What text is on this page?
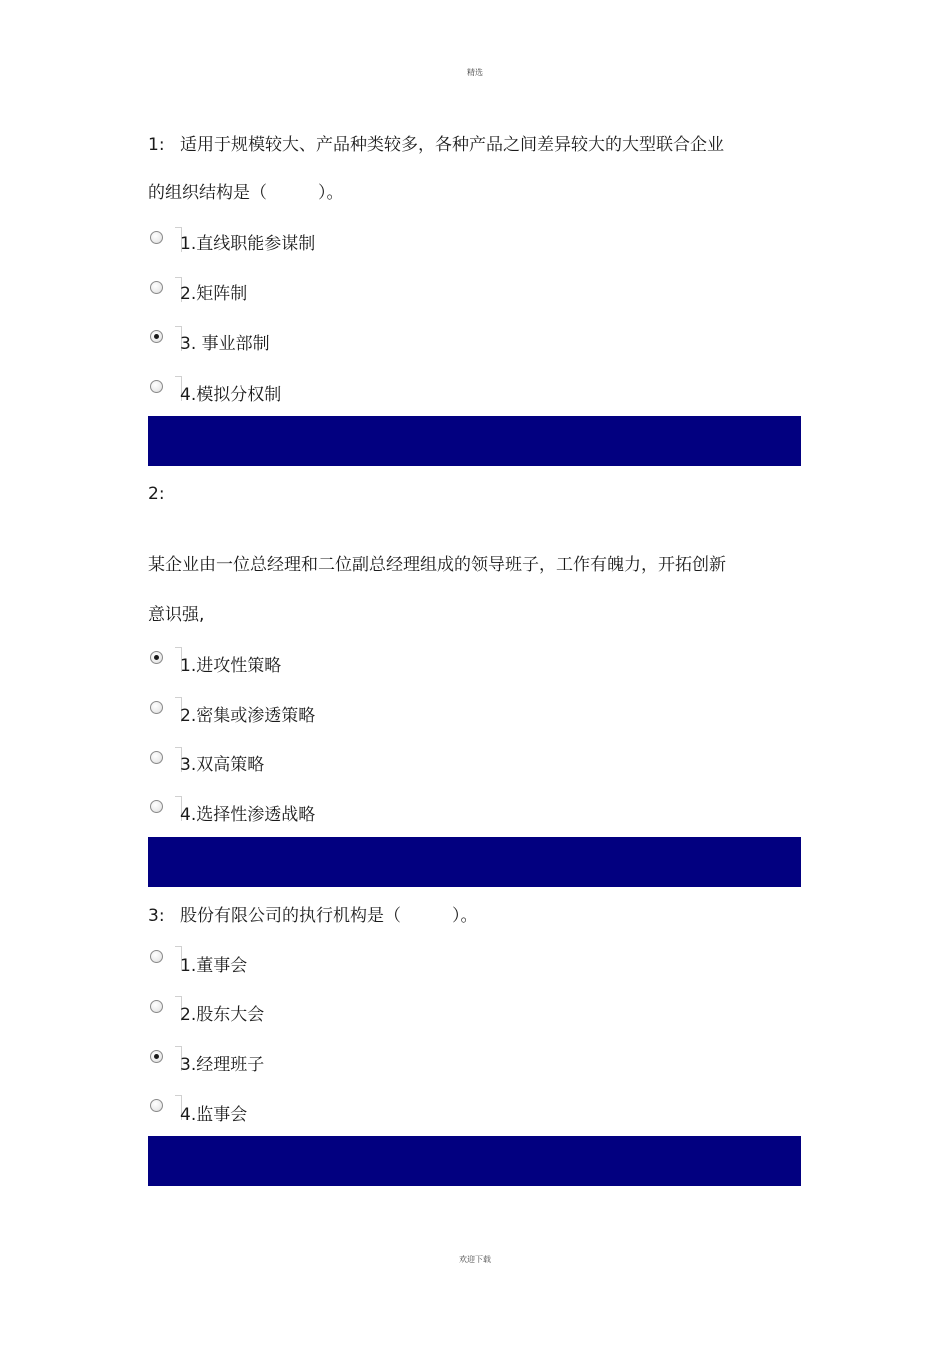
精选
1: 适用于规模较大、产品种类较多，各种产品之间差异较大的大型联合企业
的组织结构是（　　　）。
1.直线职能参谋制
2.矩阵制
3. 事业部制
4.模拟分权制
2:
某企业由一位总经理和二位副总经理组成的领导班子，工作有魄力，开拓创新
意识强,
1.进攻性策略
2.密集或渗透策略
3.双高策略
4.选择性渗透战略
3: 股份有限公司的执行机构是（　　　）。
1.董事会
2.股东大会
3.经理班子
4.监事会
欢迎下载
